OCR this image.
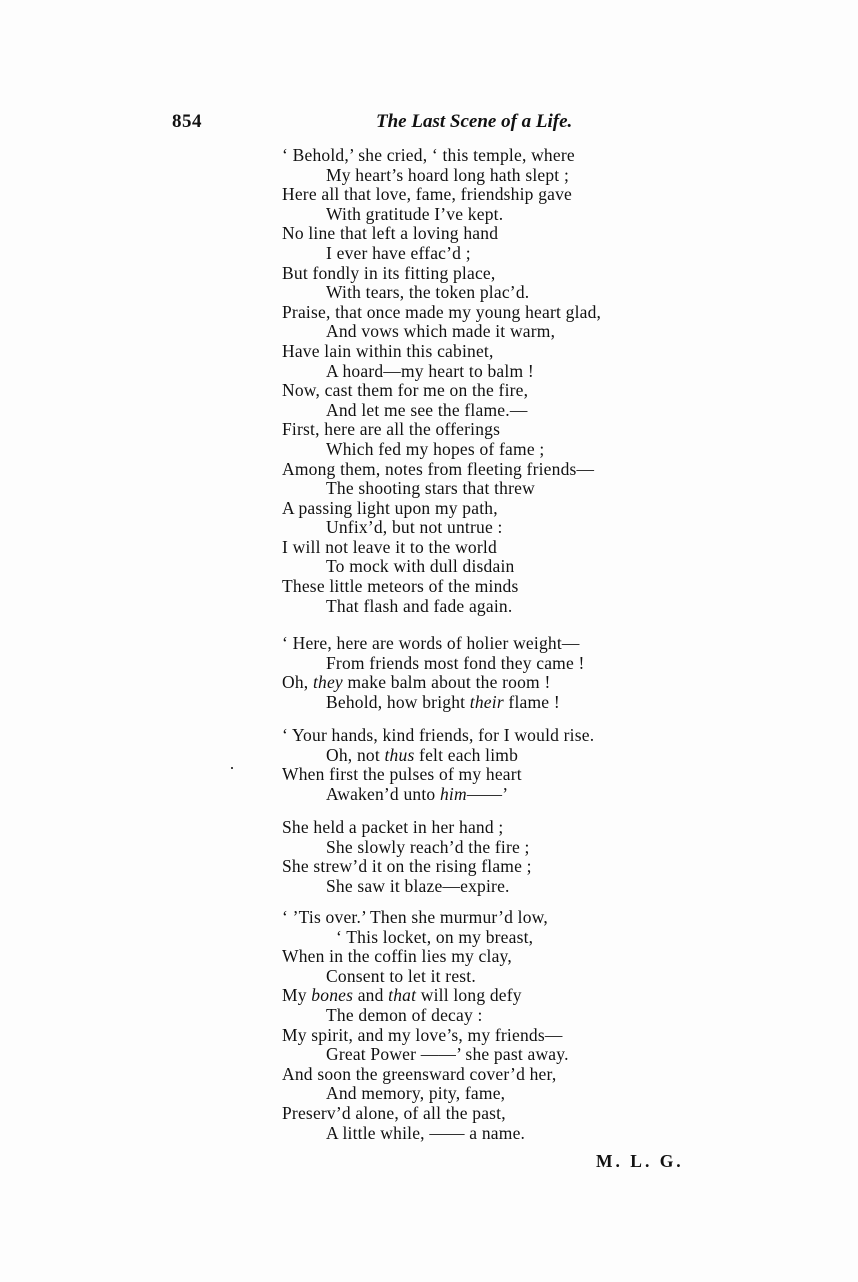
854	The Last Scene of a Life.
‘ Behold,’ she cried, ‘ this temple, where
My heart’s hoard long hath slept ;
Here all that love, fame, friendship gave
With gratitude I’ve kept.
No line that left a loving hand
I ever have effac’d ;
But fondly in its fitting place,
With tears, the token plac’d.
Praise, that once made my young heart glad,
And vows which made it warm,
Have lain within this cabinet,
A hoard—my heart to balm !
Now, cast them for me on the fire,
And let me see the flame.—
First, here are all the offerings
Which fed my hopes of fame ;
Among them, notes from fleeting friends—
The shooting stars that threw
A passing light upon my path,
Unfix’d, but not untrue :
I will not leave it to the world
To mock with dull disdain
These little meteors of the minds
That flash and fade again.
‘ Here, here are words of holier weight—
From friends most fond they came !
Oh, they make balm about the room !
Behold, how bright their flame !
‘ Your hands, kind friends, for I would rise.
Oh, not thus felt each limb
When first the pulses of my heart
Awaken’d unto him——’
She held a packet in her hand ;
She slowly reach’d the fire ;
She strew’d it on the rising flame ;
She saw it blaze—expire.
‘ ’Tis over.’ Then she murmur’d low,
‘ This locket, on my breast,
When in the coffin lies my clay,
Consent to let it rest.
My bones and that will long defy
The demon of decay :
My spirit, and my love’s, my friends—
Great Power ——’ she past away.
And soon the greensward cover’d her,
And memory, pity, fame,
Preserv’d alone, of all the past,
A little while, —— a name.
M. L. G.
